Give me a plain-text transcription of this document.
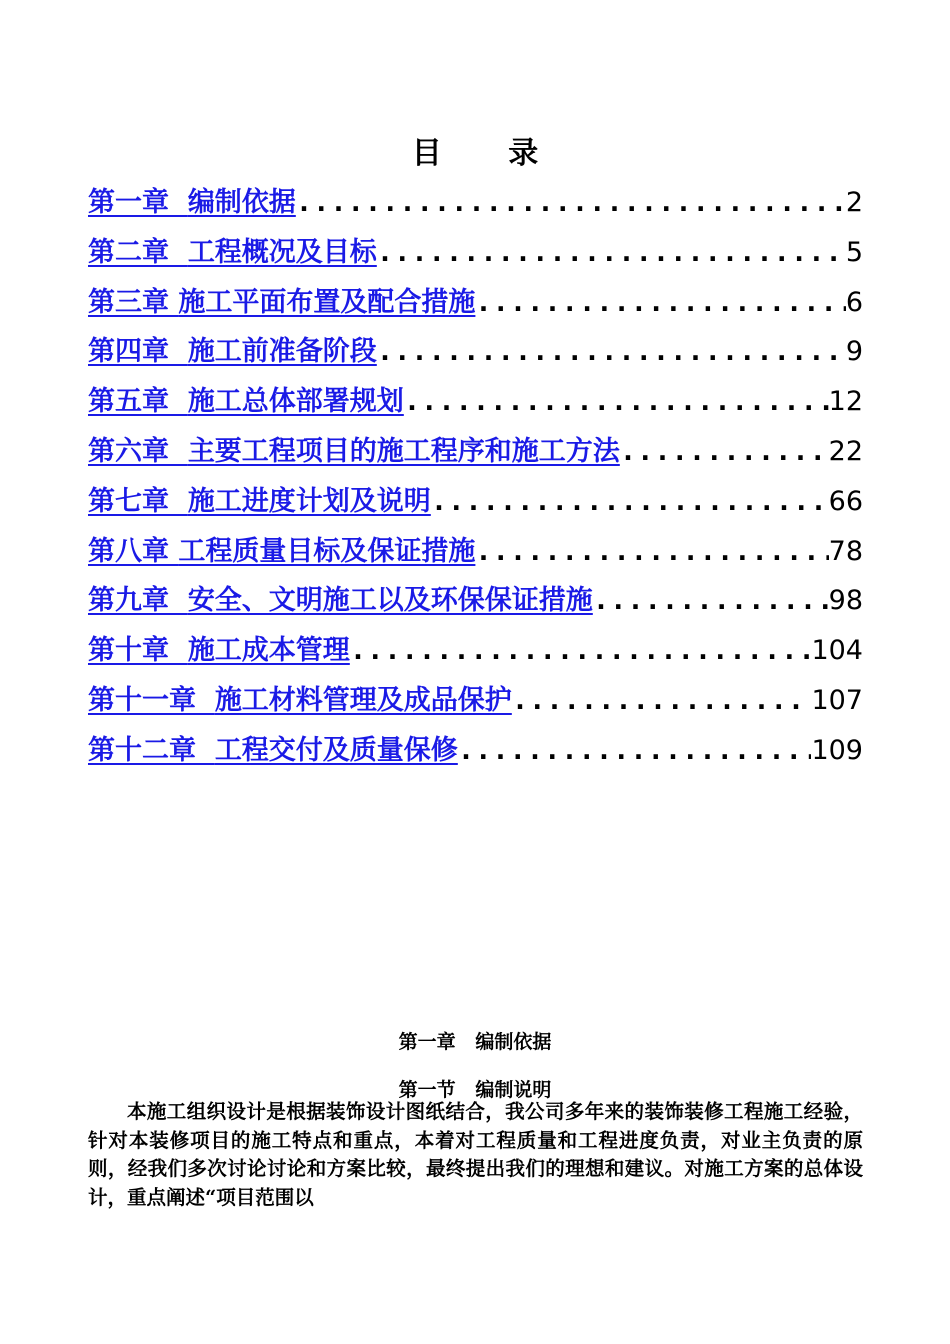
目 录
第一章 编制依据 .....	2
第二章 工程概况及目标 .....	5
第三章 施工平面布置及配合措施 .....	6
第四章 施工前准备阶段 .....	9
第五章 施工总体部署规划 .....	12
第六章 主要工程项目的施工程序和施工方法 .....	22
第七章 施工进度计划及说明 .....	66
第八章 工程质量目标及保证措施 .....	78
第九章 安全、文明施工以及环保保证措施 .....	98
第十章 施工成本管理 .....	104
第十一章 施工材料管理及成品保护 .....	107
第十二章 工程交付及质量保修 .....	109
第一章   编制依据
第一节   编制说明

本施工组织设计是根据装饰设计图纸结合，我公司多年来的装饰装修工程施工经验，针对本装修项目的施工特点和重点，本着对工程质量和工程进度负责，对业主负责的原则，经我们多次讨论讨论和方案比较，最终提出我们的理想和建议。对施工方案的总体设计，重点阐述“项目范围以
